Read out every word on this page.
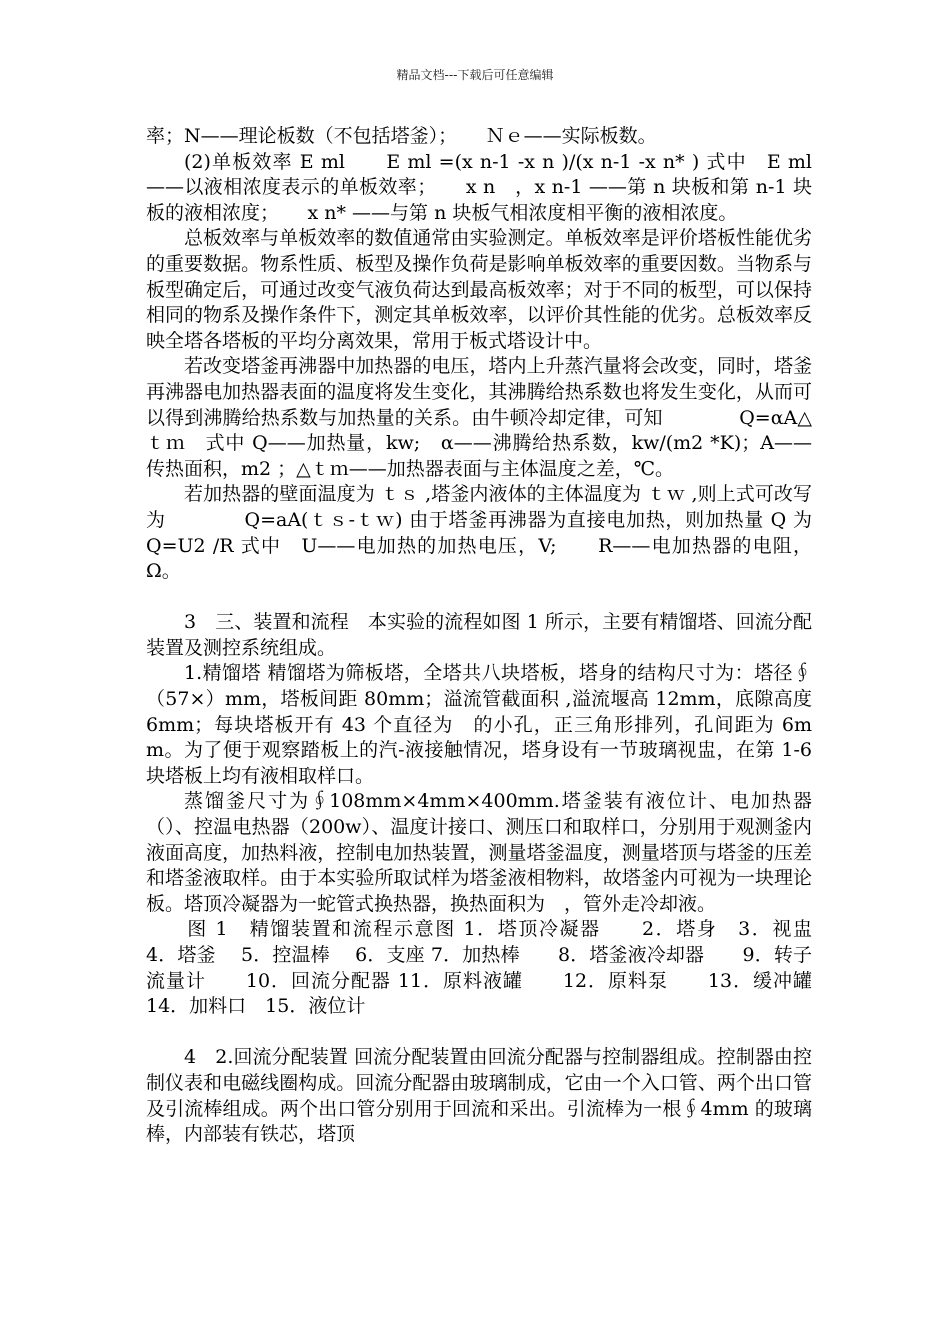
精品文档---下载后可任意编辑

率；N——理论板数（不包括塔釜）；　　Ｎｅ——实际板数。

(2)单板效率 E ml　　E ml =(x n-1 -x n )/(x n-1 -x n* ) 式中　E ml ——以液相浓度表示的单板效率；　　x n　，x n-1 ——第 n 块板和第 n-1 块板的液相浓度；　　x n* ——与第 n 块板气相浓度相平衡的液相浓度。

总板效率与单板效率的数值通常由实验测定。单板效率是评价塔板性能优劣的重要数据。物系性质、板型及操作负荷是影响单板效率的重要因数。当物系与板型确定后，可通过改变气液负荷达到最高板效率；对于不同的板型，可以保持相同的物系及操作条件下，测定其单板效率，以评价其性能的优劣。总板效率反映全塔各塔板的平均分离效果，常用于板式塔设计中。

若改变塔釜再沸器中加热器的电压，塔内上升蒸汽量将会改变，同时，塔釜再沸器电加热器表面的温度将发生变化，其沸腾给热系数也将发生变化，从而可以得到沸腾给热系数与加热量的关系。由牛顿冷却定律，可知　　　　Q=αA△ｔｍ　式中 Q——加热量，kw;　α——沸腾给热系数，kw/(m2 *K)；A——传热面积，m2 ；△ｔｍ——加热器表面与主体温度之差，℃。

若加热器的壁面温度为 ｔｓ ,塔釜内液体的主体温度为 ｔｗ ,则上式可改写为　　　　Q=aA(ｔｓ-ｔｗ) 由于塔釜再沸器为直接电加热，则加热量 Q 为　　　　　Q=U2 /R 式中　U——电加热的加热电压，V;　　R——电加热器的电阻，Ω。

3　三、装置和流程　本实验的流程如图 1 所示，主要有精馏塔、回流分配装置及测控系统组成。

1.精馏塔 精馏塔为筛板塔，全塔共八块塔板，塔身的结构尺寸为：塔径∮（57×）mm，塔板间距 80mm；溢流管截面积 ,溢流堰高 12mm，底隙高度 6mm；每块塔板开有 43 个直径为　的小孔，正三角形排列，孔间距为 6mm。为了便于观察踏板上的汽-液接触情况，塔身设有一节玻璃视盅，在第 1-6 块塔板上均有液相取样口。

蒸馏釜尺寸为∮108mm×4mm×400mm.塔釜装有液位计、电加热器（）、控温电热器（200w）、温度计接口、测压口和取样口，分别用于观测釜内液面高度，加热料液，控制电加热装置，测量塔釜温度，测量塔顶与塔釜的压差和塔釜液取样。由于本实验所取试样为塔釜液相物料，故塔釜内可视为一块理论板。塔顶冷凝器为一蛇管式换热器，换热面积为　，管外走冷却液。

　　图 1　精馏装置和流程示意图 1．塔顶冷凝器　　2．塔身　3．视盅　 4．塔釜　 5．控温棒　 6．支座 7．加热棒　　8．塔釜液冷却器　　9．转子流量计　　10．回流分配器 11．原料液罐　　12．原料泵　　13．缓冲罐　　14．加料口　15．液位计

4　2.回流分配装置 回流分配装置由回流分配器与控制器组成。控制器由控制仪表和电磁线圈构成。回流分配器由玻璃制成，它由一个入口管、两个出口管及引流棒组成。两个出口管分别用于回流和采出。引流棒为一根∮4mm 的玻璃棒，内部装有铁芯，塔顶
